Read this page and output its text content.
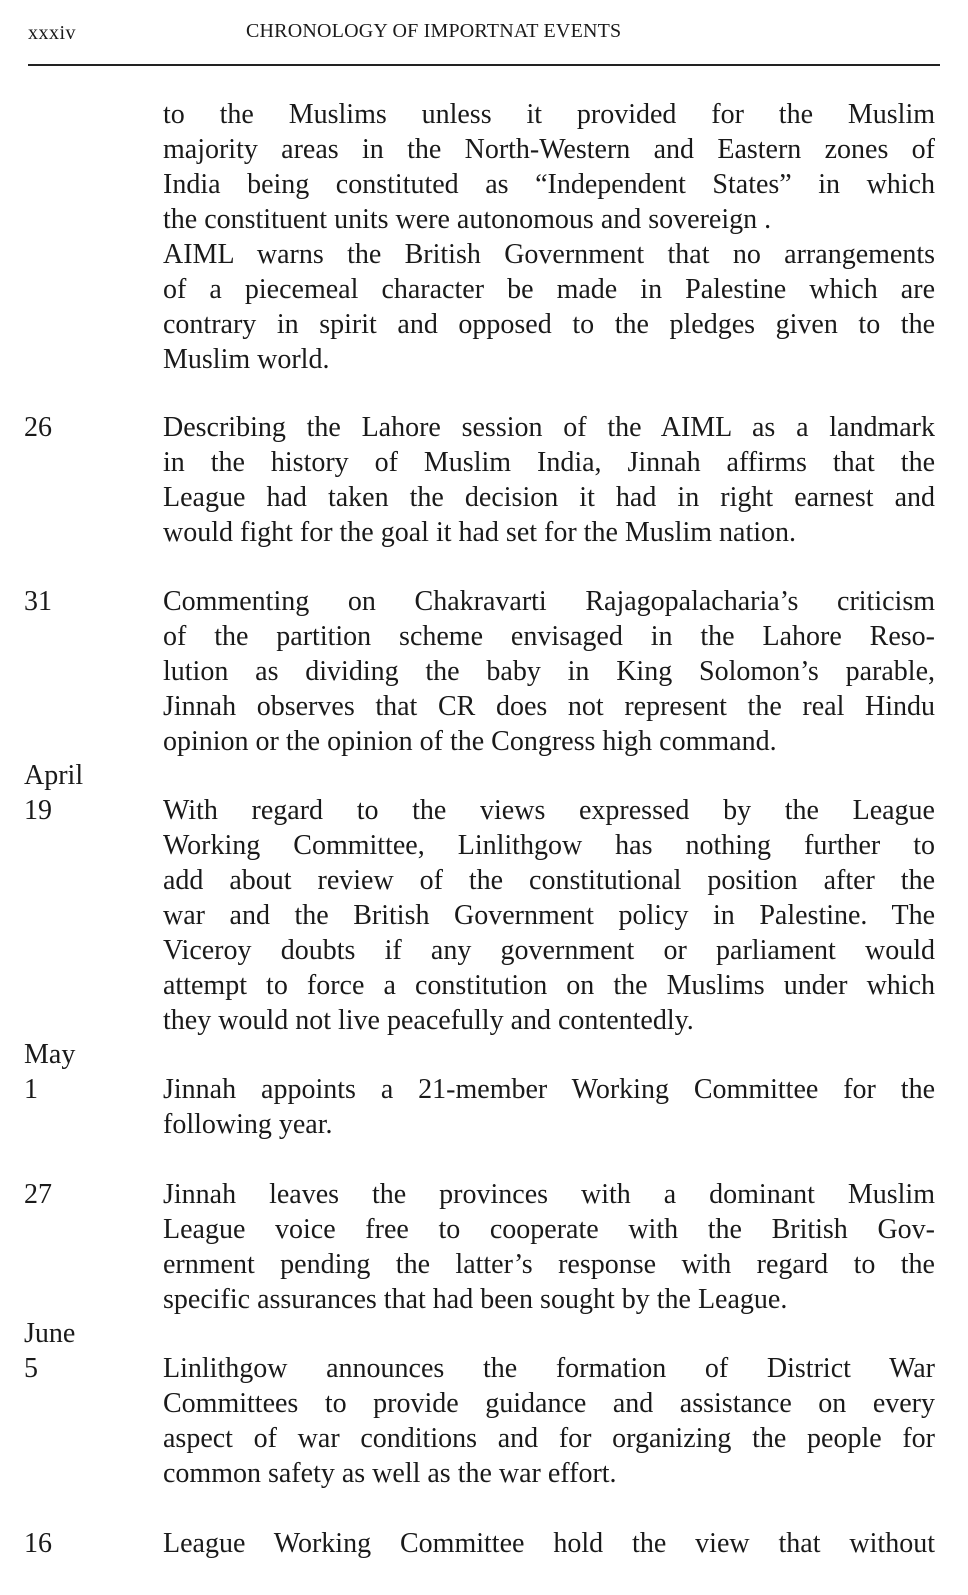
xxxiv	CHRONOLOGY OF IMPORTNAT EVENTS
to the Muslims unless it provided for the Muslim
majority areas in the North-Western and Eastern zones of
India being constituted as “Independent States” in which
the constituent units were autonomous and sovereign .
AIML warns the British Government that no arrangements
of a piecemeal character be made in Palestine which are
contrary in spirit and opposed to the pledges given to the
Muslim world.
26	Describing the Lahore session of the AIML as a landmark
in the history of Muslim India, Jinnah affirms that the
League had taken the decision it had in right earnest and
would fight for the goal it had set for the Muslim nation.
31	Commenting on Chakravarti Rajagopalacharia’s criticism
of the partition scheme envisaged in the Lahore Reso-
lution as dividing the baby in King Solomon’s parable,
Jinnah observes that CR does not represent the real Hindu
opinion or the opinion of the Congress high command.
April
19	With regard to the views expressed by the League
Working Committee, Linlithgow has nothing further to
add about review of the constitutional position after the
war and the British Government policy in Palestine. The
Viceroy doubts if any government or parliament would
attempt to force a constitution on the Muslims under which
they would not live peacefully and contentedly.
May
1	Jinnah appoints a 21-member Working Committee for the
following year.
27	Jinnah leaves the provinces with a dominant Muslim
League voice free to cooperate with the British Gov-
ernment pending the latter’s response with regard to the
specific assurances that had been sought by the League.
June
5	Linlithgow announces the formation of District War
Committees to provide guidance and assistance on every
aspect of war conditions and for organizing the people for
common safety as well as the war effort.
16	League Working Committee hold the view that without
